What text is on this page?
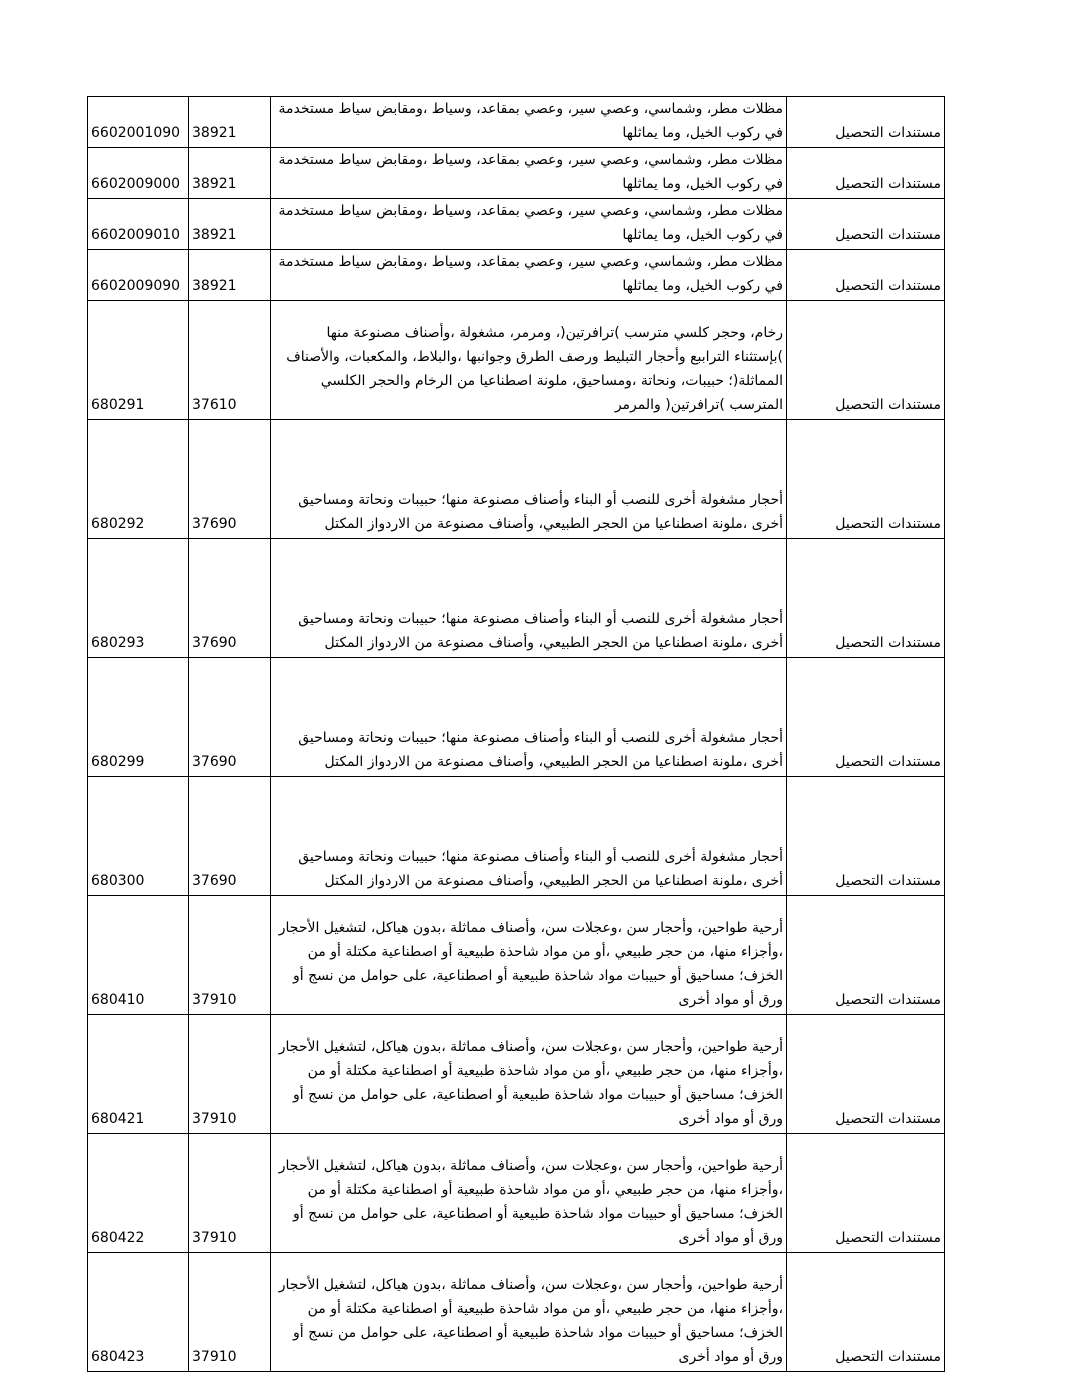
6602001090	38921	مظلات مطر، وشماسي، وعصي سير، وعصي بمقاعد، وسياط ،ومقابض سياط مستخدمة في ركوب الخيل، وما يماثلها	مستندات التحصيل
6602009000	38921	مظلات مطر، وشماسي، وعصي سير، وعصي بمقاعد، وسياط ،ومقابض سياط مستخدمة في ركوب الخيل، وما يماثلها	مستندات التحصيل
6602009010	38921	مظلات مطر، وشماسي، وعصي سير، وعصي بمقاعد، وسياط ،ومقابض سياط مستخدمة في ركوب الخيل، وما يماثلها	مستندات التحصيل
6602009090	38921	مظلات مطر، وشماسي، وعصي سير، وعصي بمقاعد، وسياط ،ومقابض سياط مستخدمة في ركوب الخيل، وما يماثلها	مستندات التحصيل
680291	37610	رخام، وحجر كلسي مترسب )ترافرتين(، ومرمر، مشغولة ،وأصناف مصنوعة منها )بإستثناء التراببع وأحجار التبليط ورصف الطرق وجوانبها ،والبلاط، والمكعبات، والأصناف المماثلة(؛ حبيبات، ونحاتة ،ومساحيق، ملونة اصطناعيا من الرخام والحجر الكلسي المترسب )ترافرتين( والمرمر	مستندات التحصيل
680292	37690	أحجار مشغولة أخرى للنصب أو البناء وأصناف مصنوعة منها؛ حبيبات ونحاتة ومساحيق أخرى ،ملونة اصطناعيا من الحجر الطبيعي، وأصناف مصنوعة من الاردواز المكتل	مستندات التحصيل
680293	37690	أحجار مشغولة أخرى للنصب أو البناء وأصناف مصنوعة منها؛ حبيبات ونحاتة ومساحيق أخرى ،ملونة اصطناعيا من الحجر الطبيعي، وأصناف مصنوعة من الاردواز المكتل	مستندات التحصيل
680299	37690	أحجار مشغولة أخرى للنصب أو البناء وأصناف مصنوعة منها؛ حبيبات ونحاتة ومساحيق أخرى ،ملونة اصطناعيا من الحجر الطبيعي، وأصناف مصنوعة من الاردواز المكتل	مستندات التحصيل
680300	37690	أحجار مشغولة أخرى للنصب أو البناء وأصناف مصنوعة منها؛ حبيبات ونحاتة ومساحيق أخرى ،ملونة اصطناعيا من الحجر الطبيعي، وأصناف مصنوعة من الاردواز المكتل	مستندات التحصيل
680410	37910	أرحية طواحين، وأحجار سن ،وعجلات سن، وأصناف مماثلة ،بدون هياكل، لتشغيل الأحجار ،وأجزاء منها، من حجر طبيعي ،أو من مواد شاحذة طبيعية أو اصطناعية مكتلة أو من الخزف؛ مساحيق أو حبيبات مواد شاحذة طبيعية أو اصطناعية، على حوامل من نسج أو ورق أو مواد أخرى	مستندات التحصيل
680421	37910	أرحية طواحين، وأحجار سن ،وعجلات سن، وأصناف مماثلة ،بدون هياكل، لتشغيل الأحجار ،وأجزاء منها، من حجر طبيعي ،أو من مواد شاحذة طبيعية أو اصطناعية مكتلة أو من الخزف؛ مساحيق أو حبيبات مواد شاحذة طبيعية أو اصطناعية، على حوامل من نسج أو ورق أو مواد أخرى	مستندات التحصيل
680422	37910	أرحية طواحين، وأحجار سن ،وعجلات سن، وأصناف مماثلة ،بدون هياكل، لتشغيل الأحجار ،وأجزاء منها، من حجر طبيعي ،أو من مواد شاحذة طبيعية أو اصطناعية مكتلة أو من الخزف؛ مساحيق أو حبيبات مواد شاحذة طبيعية أو اصطناعية، على حوامل من نسج أو ورق أو مواد أخرى	مستندات التحصيل
680423	37910	أرحية طواحين، وأحجار سن ،وعجلات سن، وأصناف مماثلة ،بدون هياكل، لتشغيل الأحجار ،وأجزاء منها، من حجر طبيعي ،أو من مواد شاحذة طبيعية أو اصطناعية مكتلة أو من الخزف؛ مساحيق أو حبيبات مواد شاحذة طبيعية أو اصطناعية، على حوامل من نسج أو ورق أو مواد أخرى	مستندات التحصيل
